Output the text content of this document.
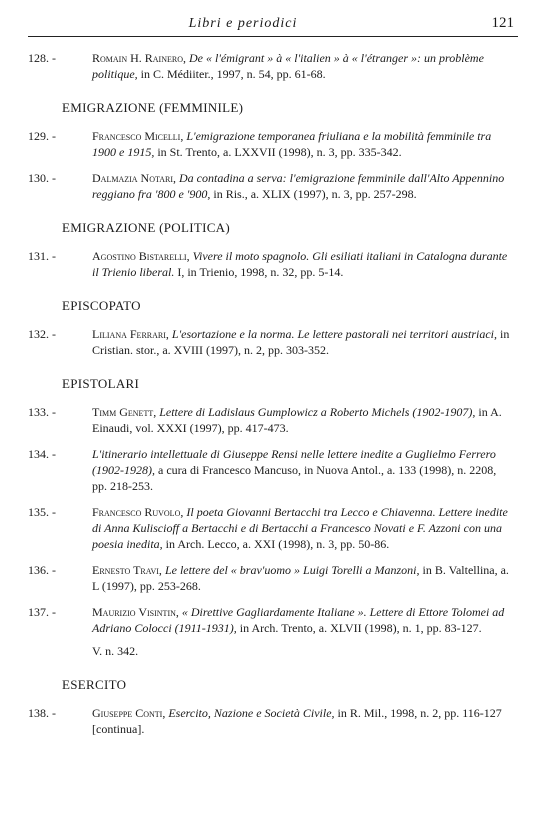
Libri e periodici	121
128. -	Romain H. Rainero, De « l'émigrant » à « l'italien » à « l'étranger »: un problème politique, in C. Médiiter., 1997, n. 54, pp. 61-68.
EMIGRAZIONE (FEMMINILE)
129. -	Francesco Micelli, L'emigrazione temporanea friuliana e la mobilità femminile tra 1900 e 1915, in St. Trento, a. LXXVII (1998), n. 3, pp. 335-342.
130. -	Dalmazia Notari, Da contadina a serva: l'emigrazione femminile dall'Alto Appennino reggiano fra '800 e '900, in Ris., a. XLIX (1997), n. 3, pp. 257-298.
EMIGRAZIONE (POLITICA)
131. -	Agostino Bistarelli, Vivere il moto spagnolo. Gli esiliati italiani in Catalogna durante il Trienio liberal. I, in Trienio, 1998, n. 32, pp. 5-14.
EPISCOPATO
132. -	Liliana Ferrari, L'esortazione e la norma. Le lettere pastorali nei territori austriaci, in Cristian. stor., a. XVIII (1997), n. 2, pp. 303-352.
EPISTOLARI
133. -	Timm Genett, Lettere di Ladislaus Gumplowicz a Roberto Michels (1902-1907), in A. Einaudi, vol. XXXI (1997), pp. 417-473.
134. -	L'itinerario intellettuale di Giuseppe Rensi nelle lettere inedite a Guglielmo Ferrero (1902-1928), a cura di Francesco Mancuso, in Nuova Antol., a. 133 (1998), n. 2208, pp. 218-253.
135. -	Francesco Ruvolo, Il poeta Giovanni Bertacchi tra Lecco e Chiavenna. Lettere inedite di Anna Kuliscioff a Bertacchi e di Bertacchi a Francesco Novati e F. Azzoni con una poesia inedita, in Arch. Lecco, a. XXI (1998), n. 3, pp. 50-86.
136. -	Ernesto Travi, Le lettere del « brav'uomo » Luigi Torelli a Manzoni, in B. Valtellina, a. L (1997), pp. 253-268.
137. -	Maurizio Visintin, « Direttive Gagliardamente Italiane ». Lettere di Ettore Tolomei ad Adriano Colocci (1911-1931), in Arch. Trento, a. XLVII (1998), n. 1, pp. 83-127.
V. n. 342.
ESERCITO
138. -	Giuseppe Conti, Esercito, Nazione e Società Civile, in R. Mil., 1998, n. 2, pp. 116-127 [continua].
